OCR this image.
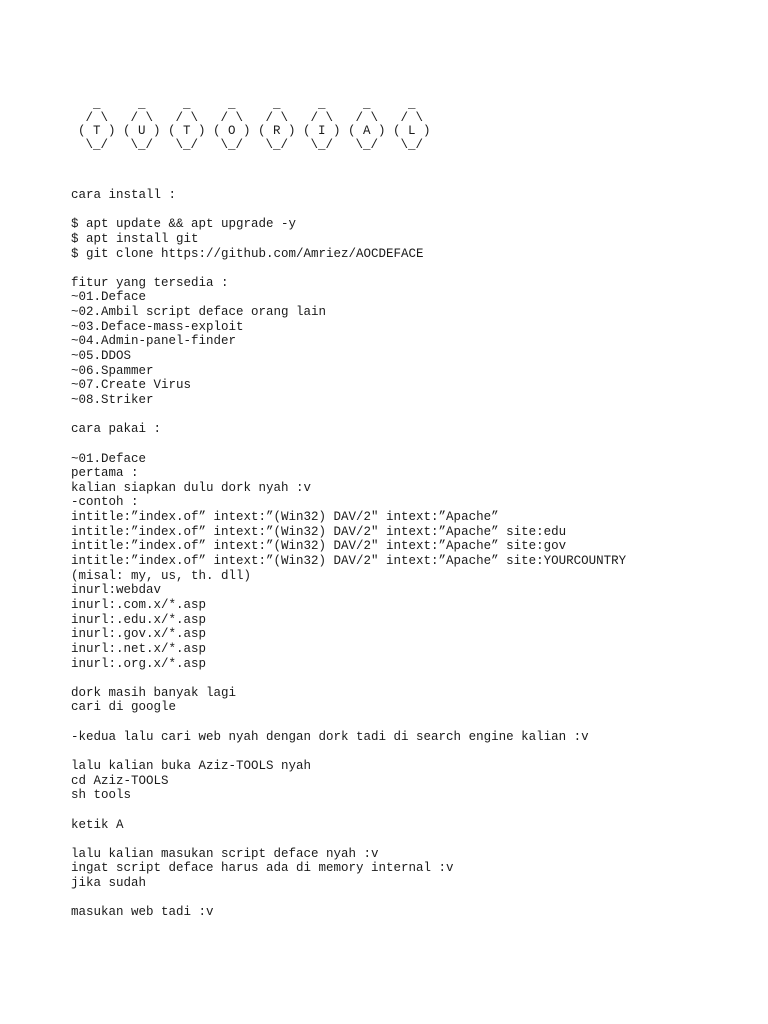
_     _     _     _     _     _     _     _
/ \   / \   / \   / \   / \   / \   / \   / \
( T ) ( U ) ( T ) ( O ) ( R ) ( I ) ( A ) ( L )
\_/   \_/   \_/   \_/   \_/   \_/   \_/   \_/
cara install :
$ apt update && apt upgrade -y
$ apt install git
$ git clone https://github.com/Amriez/AOCDEFACE
fitur yang tersedia :
~01.Deface
~02.Ambil script deface orang lain
~03.Deface-mass-exploit
~04.Admin-panel-finder
~05.DDOS
~06.Spammer
~07.Create Virus
~08.Striker
cara pakai :
~01.Deface
pertama :
kalian siapkan dulu dork nyah :v
-contoh :
intitle:”index.of” intext:”(Win32) DAV/2" intext:”Apache”
intitle:”index.of” intext:”(Win32) DAV/2" intext:”Apache” site:edu
intitle:”index.of” intext:”(Win32) DAV/2" intext:”Apache” site:gov
intitle:”index.of” intext:”(Win32) DAV/2" intext:”Apache” site:YOURCOUNTRY
(misal: my, us, th. dll)
inurl:webdav
inurl:.com.x/*.asp
inurl:.edu.x/*.asp
inurl:.gov.x/*.asp
inurl:.net.x/*.asp
inurl:.org.x/*.asp
dork masih banyak lagi
cari di google
-kedua lalu cari web nyah dengan dork tadi di search engine kalian :v
lalu kalian buka Aziz-TOOLS nyah
cd Aziz-TOOLS
sh tools
ketik A
lalu kalian masukan script deface nyah :v
ingat script deface harus ada di memory internal :v
jika sudah
masukan web tadi :v
